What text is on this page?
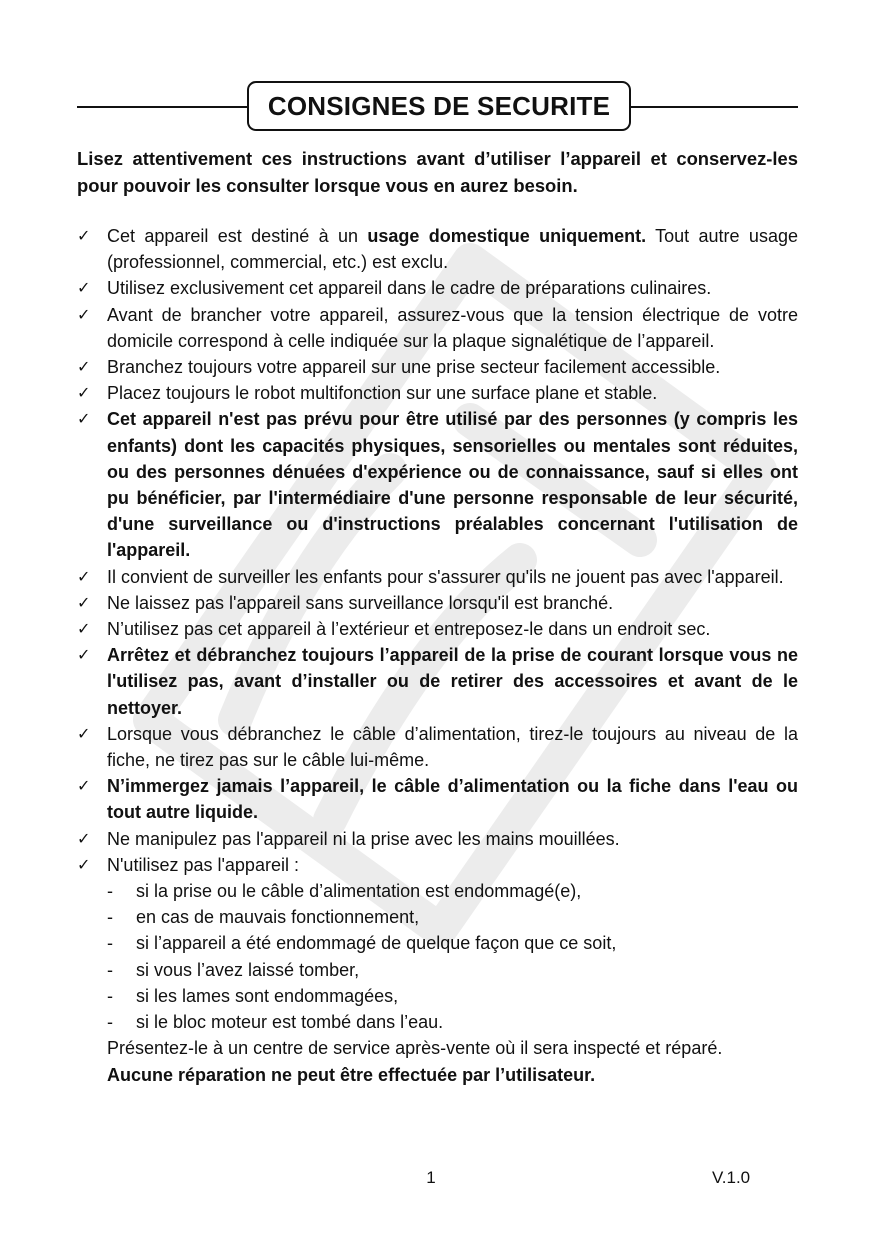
CONSIGNES DE SECURITE

Lisez attentivement ces instructions avant d’utiliser l’appareil et conservez-les pour pouvoir les consulter lorsque vous en aurez besoin.

✓ Cet appareil est destiné à un usage domestique uniquement. Tout autre usage (professionnel, commercial, etc.) est exclu.
✓ Utilisez exclusivement cet appareil dans le cadre de préparations culinaires.
✓ Avant de brancher votre appareil, assurez-vous que la tension électrique de votre domicile correspond à celle indiquée sur la plaque signalétique de l’appareil.
✓ Branchez toujours votre appareil sur une prise secteur facilement accessible.
✓ Placez toujours le robot multifonction sur une surface plane et stable.
✓ Cet appareil n'est pas prévu pour être utilisé par des personnes (y compris les enfants) dont les capacités physiques, sensorielles ou mentales sont réduites, ou des personnes dénuées d'expérience ou de connaissance, sauf si elles ont pu bénéficier, par l'intermédiaire d'une personne responsable de leur sécurité, d'une surveillance ou d'instructions préalables concernant l'utilisation de l'appareil.
✓ Il convient de surveiller les enfants pour s'assurer qu'ils ne jouent pas avec l'appareil.
✓ Ne laissez pas l'appareil sans surveillance lorsqu'il est branché.
✓ N’utilisez pas cet appareil à l’extérieur et entreposez-le dans un endroit sec.
✓ Arrêtez et débranchez toujours l’appareil de la prise de courant lorsque vous ne l'utilisez pas, avant d’installer ou de retirer des accessoires et avant de le nettoyer.
✓ Lorsque vous débranchez le câble d’alimentation, tirez-le toujours au niveau de la fiche, ne tirez pas sur le câble lui-même.
✓ N’immergez jamais l’appareil, le câble d’alimentation ou la fiche dans l'eau ou tout autre liquide.
✓ Ne manipulez pas l'appareil ni la prise avec les mains mouillées.
✓ N'utilisez pas l'appareil :
- si la prise ou le câble d’alimentation est endommagé(e),
- en cas de mauvais fonctionnement,
- si l’appareil a été endommagé de quelque façon que ce soit,
- si vous l’avez laissé tomber,
- si les lames sont endommagées,
- si le bloc moteur est tombé dans l’eau.

Présentez-le à un centre de service après-vente où il sera inspecté et réparé.

Aucune réparation ne peut être effectuée par l’utilisateur.

1	V.1.0
